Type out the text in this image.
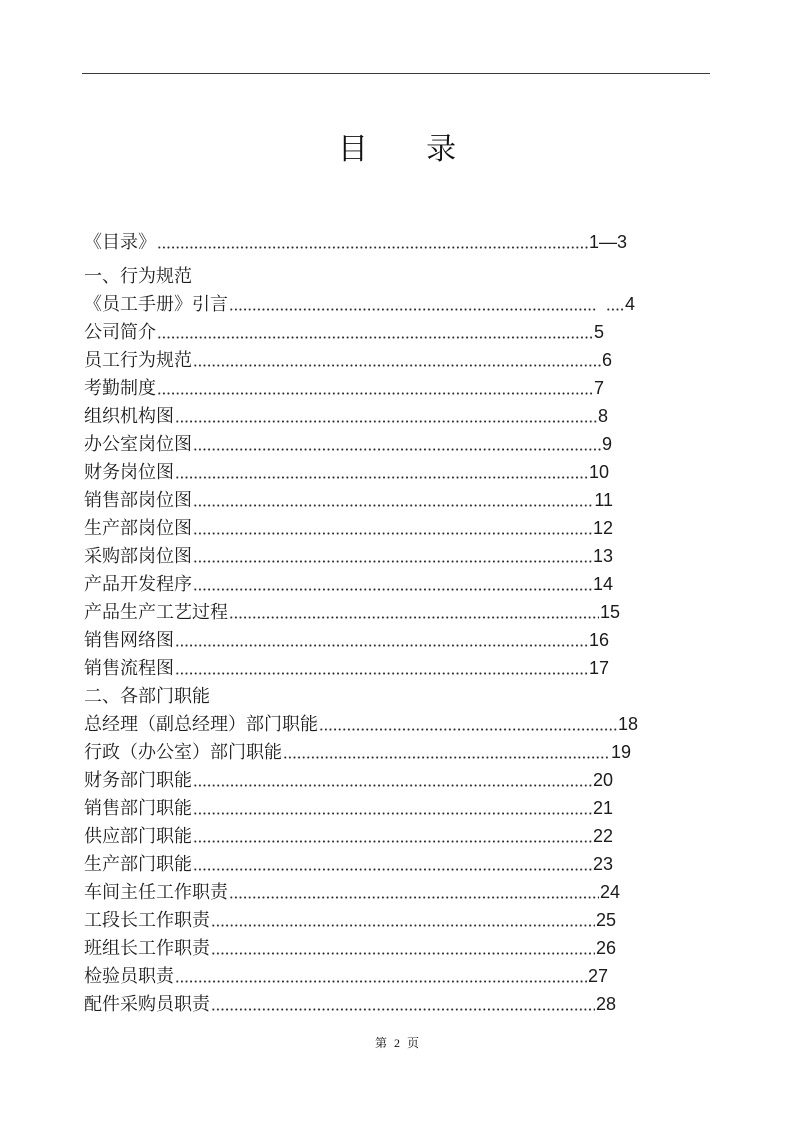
目 录
《目录》	1—3
一、行为规范
《员工手册》引言	4
公司简介	5
员工行为规范	6
考勤制度	7
组织机构图	8
办公室岗位图	9
财务岗位图	10
销售部岗位图	11
生产部岗位图	12
采购部岗位图	13
产品开发程序	14
产品生产工艺过程	15
销售网络图	16
销售流程图	17
二、各部门职能
总经理（副总经理）部门职能	18
行政（办公室）部门职能	19
财务部门职能	20
销售部门职能	21
供应部门职能	22
生产部门职能	23
车间主任工作职责	24
工段长工作职责	25
班组长工作职责	26
检验员职责	27
配件采购员职责	28
第 2 页
